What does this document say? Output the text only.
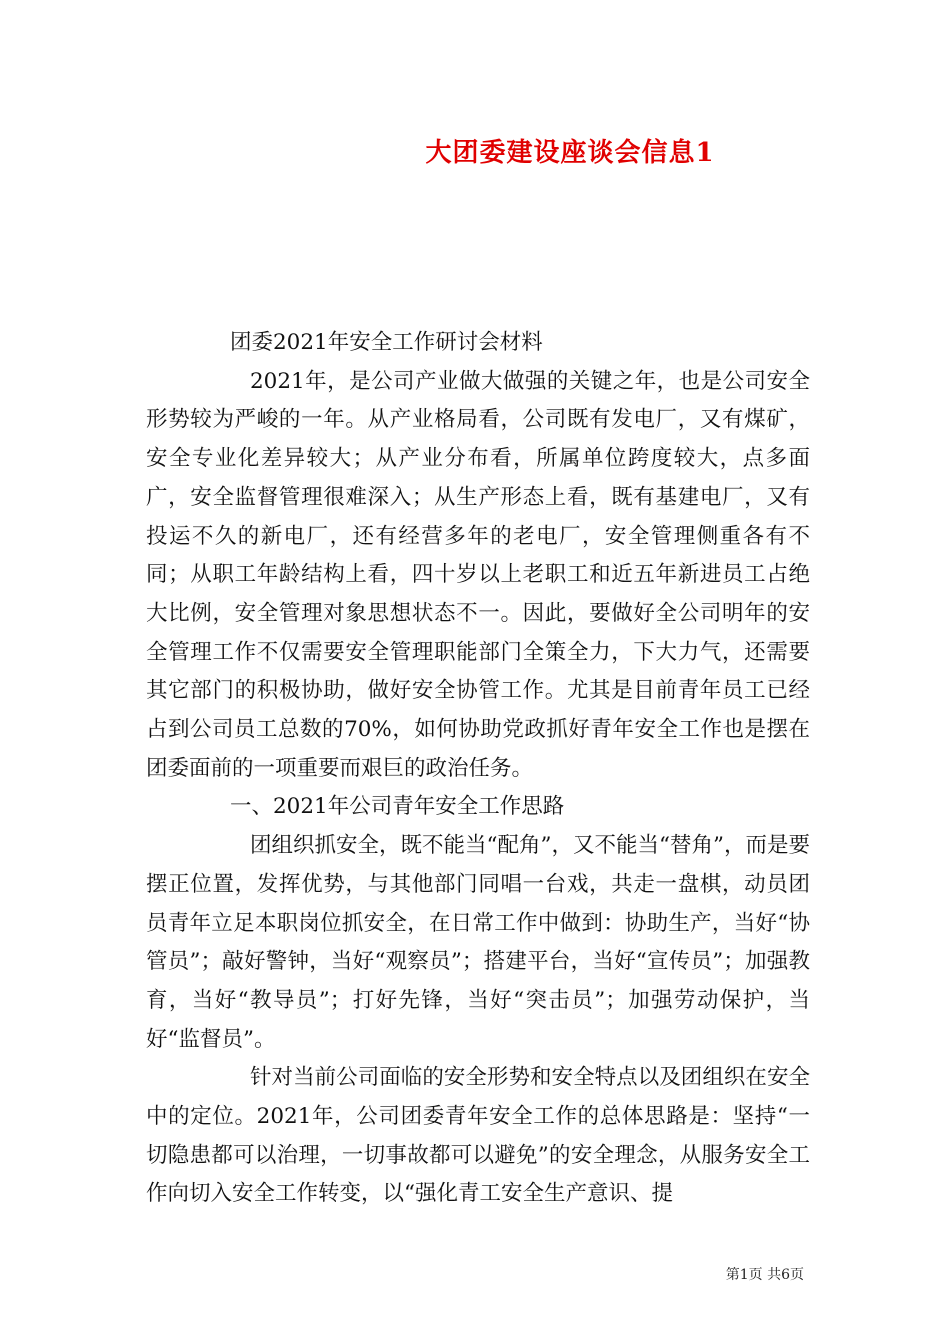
大团委建设座谈会信息1

团委2021年安全工作研讨会材料

2021年，是公司产业做大做强的关键之年，也是公司安全形势较为严峻的一年。从产业格局看，公司既有发电厂，又有煤矿，安全专业化差异较大；从产业分布看，所属单位跨度较大，点多面广，安全监督管理很难深入；从生产形态上看，既有基建电厂，又有投运不久的新电厂，还有经营多年的老电厂，安全管理侧重各有不同；从职工年龄结构上看，四十岁以上老职工和近五年新进员工占绝大比例，安全管理对象思想状态不一。因此，要做好全公司明年的安全管理工作不仅需要安全管理职能部门全策全力，下大力气，还需要其它部门的积极协助，做好安全协管工作。尤其是目前青年员工已经占到公司员工总数的70%，如何协助党政抓好青年安全工作也是摆在团委面前的一项重要而艰巨的政治任务。

一、2021年公司青年安全工作思路

团组织抓安全，既不能当“配角”，又不能当“替角”，而是要摆正位置，发挥优势，与其他部门同唱一台戏，共走一盘棋，动员团员青年立足本职岗位抓安全，在日常工作中做到：协助生产，当好“协管员”；敲好警钟，当好“观察员”；搭建平台，当好“宣传员”；加强教育，当好“教导员”；打好先锋，当好“突击员”；加强劳动保护，当好“监督员”。

针对当前公司面临的安全形势和安全特点以及团组织在安全中的定位。2021年，公司团委青年安全工作的总体思路是：坚持“一切隐患都可以治理，一切事故都可以避免”的安全理念，从服务安全工作向切入安全工作转变，以“强化青工安全生产意识、提

第1页 共6页
